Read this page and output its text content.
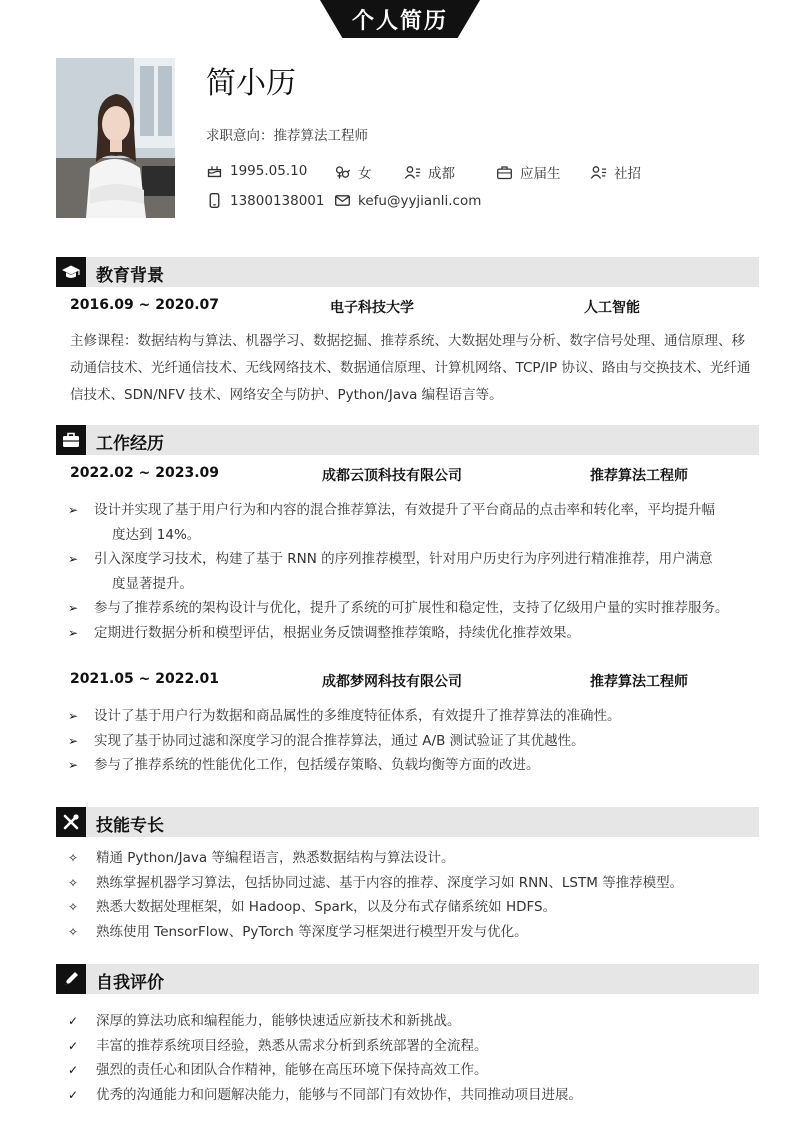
个人简历
简小历
求职意向：推荐算法工程师
1995.05.10	女	成都	应届生	社招
13800138001 kefu@yyjianli.com
教育背景
2016.09 ~ 2020.07	电子科技大学	人工智能
主修课程：数据结构与算法、机器学习、数据挖掘、推荐系统、大数据处理与分析、数字信号处理、通信原理、移动通信技术、光纤通信技术、无线网络技术、数据通信原理、计算机网络、TCP/IP 协议、路由与交换技术、光纤通信技术、SDN/NFV 技术、网络安全与防护、Python/Java 编程语言等。
工作经历
2022.02 ~ 2023.09	成都云顶科技有限公司	推荐算法工程师
➢ 设计并实现了基于用户行为和内容的混合推荐算法，有效提升了平台商品的点击率和转化率，平均提升幅
度达到 14%。
➢ 引入深度学习技术，构建了基于 RNN 的序列推荐模型，针对用户历史行为序列进行精准推荐，用户满意
度显著提升。
➢ 参与了推荐系统的架构设计与优化，提升了系统的可扩展性和稳定性，支持了亿级用户量的实时推荐服务。
➢ 定期进行数据分析和模型评估，根据业务反馈调整推荐策略，持续优化推荐效果。
2021.05 ~ 2022.01	成都梦网科技有限公司	推荐算法工程师
➢ 设计了基于用户行为数据和商品属性的多维度特征体系，有效提升了推荐算法的准确性。
➢ 实现了基于协同过滤和深度学习的混合推荐算法，通过 A/B 测试验证了其优越性。
➢ 参与了推荐系统的性能优化工作，包括缓存策略、负载均衡等方面的改进。
技能专长
✧ 精通 Python/Java 等编程语言，熟悉数据结构与算法设计。
✧ 熟练掌握机器学习算法，包括协同过滤、基于内容的推荐、深度学习如 RNN、LSTM 等推荐模型。
✧ 熟悉大数据处理框架，如 Hadoop、Spark，以及分布式存储系统如 HDFS。
✧ 熟练使用 TensorFlow、PyTorch 等深度学习框架进行模型开发与优化。
自我评价
✓ 深厚的算法功底和编程能力，能够快速适应新技术和新挑战。
✓ 丰富的推荐系统项目经验，熟悉从需求分析到系统部署的全流程。
✓ 强烈的责任心和团队合作精神，能够在高压环境下保持高效工作。
✓ 优秀的沟通能力和问题解决能力，能够与不同部门有效协作，共同推动项目进展。
